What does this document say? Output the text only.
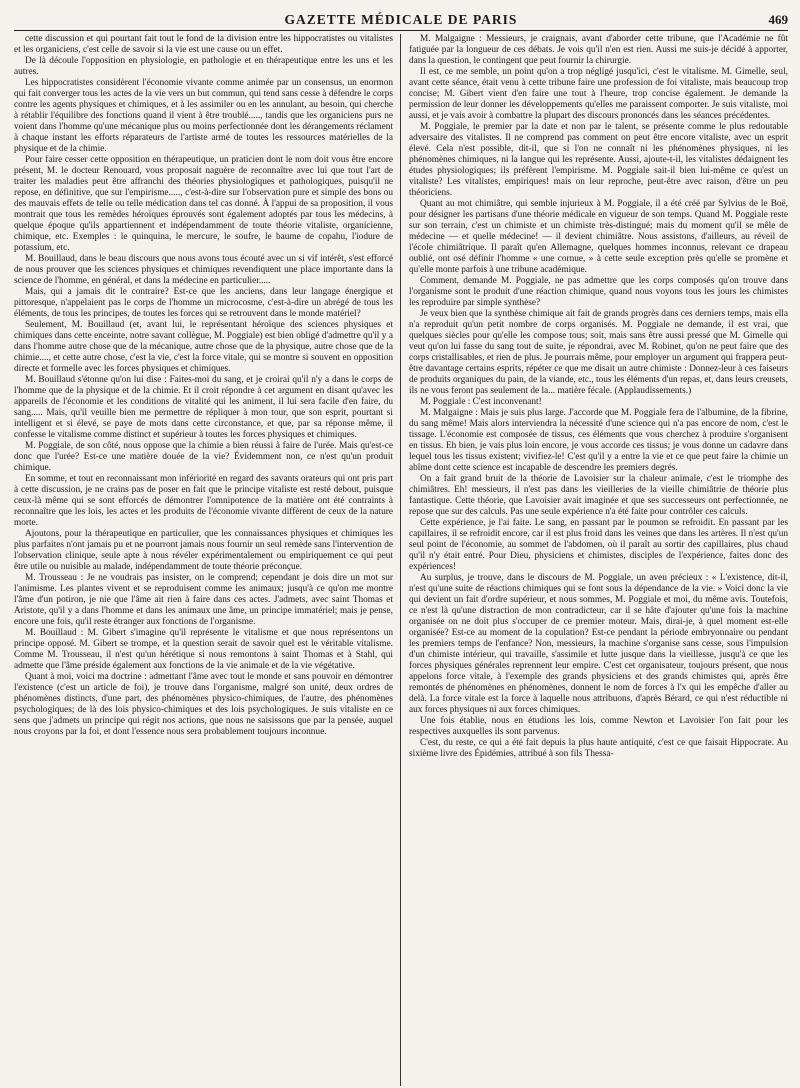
GAZETTE MÉDICALE DE PARIS	469

cette discussion et qui pourtant fait tout le fond de la division entre les hippocratistes ou vitalistes et les organiciens, c'est celle de savoir si la vie est une cause ou un effet.

De là découle l'opposition en physiologie, en pathologie et en thérapeutique entre les uns et les autres.

Les hippocratistes considèrent l'économie vivante comme animée par un consensus, un enormon qui fait converger tous les actes de la vie vers un but commun, qui tend sans cesse à défendre le corps contre les agents physiques et chimiques, et à les assimiler ou en les annulant, au besoin, qui cherche à rétablir l'équilibre des fonctions quand il vient à être troublé....., tandis que les organiciens purs ne voient dans l'homme qu'une mécanique plus ou moins perfectionnée dont les dérangements réclament à chaque instant les efforts réparateurs de l'artiste armé de toutes les ressources matérielles de la physique et de la chimie.

Pour faire cesser cette opposition en thérapeutique, un praticien dont le nom doit vous être encore présent, M. le docteur Renouard, vous proposait naguère de reconnaître avec lui que tout l'art de traiter les maladies peut être affranchi des théories physiologiques et pathologiques, puisqu'il ne repose, en définitive, que sur l'empirisme....., c'est-à-dire sur l'observation pure et simple des bons ou des mauvais effets de telle ou telle médication dans tel cas donné. À l'appui de sa proposition, il vous montrait que tous les remèdes héroïques éprouvés sont également adoptés par tous les médecins, à quelque époque qu'ils appartiennent et indépendamment de toute théorie vitaliste, organicienne, chimique, etc. Exemples : le quinquina, le mercure, le soufre, le baume de copahu, l'iodure de potassium, etc.

M. Bouillaud, dans le beau discours que nous avons tous écouté avec un si vif intérêt, s'est efforcé de nous prouver que les sciences physiques et chimiques revendiquent une place importante dans la science de l'homme, en général, et dans la médecine en particulier.....

Mais, qui a jamais dit le contraire? Est-ce que les anciens, dans leur langage énergique et pittoresque, n'appelaient pas le corps de l'homme un microcosme, c'est-à-dire un abrégé de tous les éléments, de tous les principes, de toutes les forces qui se retrouvent dans le monde matériel?

Seulement, M. Bouillaud (et, avant lui, le représentant héroïque des sciences physiques et chimiques dans cette enceinte, notre savant collègue, M. Poggiale) est bien obligé d'admettre qu'il y a dans l'homme autre chose que de la mécanique, autre chose que de la physique, autre chose que de la chimie...., et cette autre chose, c'est la vie, c'est la force vitale, qui se montre si souvent en opposition directe et formelle avec les forces physiques et chimiques.

M. Bouillaud s'étonne qu'on lui dise : Faites-moi du sang, et je croirai qu'il n'y a dans le corps de l'homme que de la physique et de la chimie. Et il croit répondre à cet argument en disant qu'avec les appareils de l'économie et les conditions de vitalité qui les animent, il lui sera facile d'en faire, du sang..... Mais, qu'il veuille bien me permettre de répliquer à mon tour, que son esprit, pourtant si intelligent et si élevé, se paye de mots dans cette circonstance, et que, par sa réponse même, il confesse le vitalisme comme distinct et supérieur à toutes les forces physiques et chimiques.

M. Poggiale, de son côté, nous oppose que la chimie a bien réussi à faire de l'urée. Mais qu'est-ce donc que l'urée? Est-ce une matière douée de la vie? Évidemment non, ce n'est qu'un produit chimique.

En somme, et tout en reconnaissant mon infériorité en regard des savants orateurs qui ont pris part à cette discussion, je ne crains pas de poser en fait que le principe vitaliste est resté debout, puisque ceux-là même qui se sont efforcés de démontrer l'omnipotence de la matière ont été contraints à reconnaître que les lois, les actes et les produits de l'économie vivante diffèrent de ceux de la nature morte.

Ajoutons, pour la thérapeutique en particulier, que les connaissances physiques et chimiques les plus parfaites n'ont jamais pu et ne pourront jamais nous fournir un seul remède sans l'intervention de l'observation clinique, seule apte à nous révéler expérimentalement ou empiriquement ce qui peut être utile ou nuisible au malade, indépendamment de toute théorie préconçue.

M. Trousseau : Je ne voudrais pas insister, on le comprend; cependant je dois dire un mot sur l'animisme. Les plantes vivent et se reproduisent comme les animaux; jusqu'à ce qu'on me montre l'âme d'un potiron, je nie que l'âme ait rien à faire dans ces actes. J'admets, avec saint Thomas et Aristote, qu'il y a dans l'homme et dans les animaux une âme, un principe immatériel; mais je pense, encore une fois, qu'il reste étranger aux fonctions de l'organisme.

M. Bouillaud : M. Gibert s'imagine qu'il représente le vitalisme et que nous représentons un principe opposé. M. Gibert se trompe, et la question serait de savoir quel est le véritable vitalisme. Comme M. Trousseau, il n'est qu'un hérétique si nous remontons à saint Thomas et à Stahl, qui admette que l'âme préside également aux fonctions de la vie animale et de la vie végétative.

Quant à moi, voici ma doctrine : admettant l'âme avec tout le monde et sans pouvoir en démontrer l'existence (c'est un article de foi), je trouve dans l'organisme, malgré son unité, deux ordres de phénomènes distincts, d'une part, des phénomènes physico-chimiques, de l'autre, des phénomènes psychologiques; de là des lois physico-chimiques et des lois psychologiques. Je suis vitaliste en ce sens que j'admets un principe qui régit nos actions, que nous ne saisissons que par la pensée, auquel nous croyons par la foi, et dont l'essence nous sera probablement toujours inconnue.

M. Malgaigne : Messieurs, je craignais, avant d'aborder cette tribune, que l'Académie ne fût fatiguée par la longueur de ces débats. Je vois qu'il n'en est rien. Aussi me suis-je décidé à apporter, dans la question, le contingent que peut fournir la chirurgie.

Il est, ce me semble, un point qu'on a trop négligé jusqu'ici, c'est le vitalisme. M. Gimelle, seul, avant cette séance, était venu à cette tribune faire une profession de foi vitaliste, mais beaucoup trop concise; M. Gibert vient d'en faire une tout à l'heure, trop concise également. Je demande la permission de leur donner les développements qu'elles me paraissent comporter. Je suis vitaliste, moi aussi, et je vais avoir à combattre la plupart des discours prononcés dans les séances précédentes.

M. Poggiale, le premier par la date et non par le talent, se présente comme le plus redoutable adversaire des vitalistes. Il ne comprend pas comment on peut être encore vitaliste, avec un esprit élevé. Cela n'est possible, dit-il, que si l'on ne connaît ni les phénomènes physiques, ni les phénomènes chimiques, ni la langue qui les représente. Aussi, ajoute-t-il, les vitalistes dédaignent les études physiologiques; ils préfèrent l'empirisme. M. Poggiale sait-il bien lui-même ce qu'est un vitaliste? Les vitalistes, empiriques! mais on leur reproche, peut-être avec raison, d'être un peu théoriciens.

Quant au mot chimiâtre, qui semble injurieux à M. Poggiale, il a été créé par Sylvius de le Boë, pour désigner les partisans d'une théorie médicale en vigueur de son temps. Quand M. Poggiale reste sur son terrain, c'est un chimiste et un chimiste très-distingué; mais du moment qu'il se mêle de médecine — et quelle médecine! — il devient chimiâtre. Nous assistons, d'ailleurs, au réveil de l'école chimiâtrique. Il paraît qu'en Allemagne, quelques hommes inconnus, relevant ce drapeau oublié, ont osé définir l'homme « une cornue, » à cette seule exception près qu'elle se promène et qu'elle monte parfois à une tribune académique.

Comment, demande M. Poggiale, ne pas admettre que les corps composés qu'on trouve dans l'organisme sont le produit d'une réaction chimique, quand nous voyons tous les jours les chimistes les reproduire par simple synthèse?

Je veux bien que la synthèse chimique ait fait de grands progrès dans ces derniers temps, mais ella n'a reproduit qu'un petit nombre de corps organisés. M. Poggiale ne demande, il est vrai, que quelques siècles pour qu'elle les compose tous; soit, mais sans être aussi pressé que M. Gimelle qui veut qu'on lui fasse du sang tout de suite, je répondrai, avec M. Robinet, qu'on ne peut faire que des corps cristallisables, et rien de plus. Je pourrais même, pour employer un argument qui frappera peut-être davantage certains esprits, répéter ce que me disait un autre chimiste : Donnez-leur à ces faiseurs de produits organiques du pain, de la viande, etc., tous les éléments d'un repas, et, dans leurs creusets, ils ne vous feront pas seulement de la... matière fécale. (Applaudissements.)

M. Poggiale : C'est inconvenant!

M. Malgaigne : Mais je suis plus large. J'accorde que M. Poggiale fera de l'albumine, de la fibrine, du sang même! Mais alors interviendra la nécessité d'une science qui n'a pas encore de nom, c'est le tissage. L'économie est composée de tissus, ces éléments que vous cherchez à produire s'organisent en tissus. Eh bien, je vais plus loin encore, je vous accorde ces tissus; je vous donne un cadavre dans lequel tous les tissus existent; vivifiez-le! C'est qu'il y a entre la vie et ce que peut faire la chimie un abîme dont cette science est incapable de descendre les premiers degrés.

On a fait grand bruit de la théorie de Lavoisier sur la chaleur animale, c'est le triomphe des chimiâtres. Eh! messieurs, il n'est pas dans les vieilleries de la vieille chimiâtrie de théorie plus fantastique. Cette théorie, que Lavoisier avait imaginée et que ses successeurs ont perfectionnée, ne repose que sur des calculs. Pas une seule expérience n'a été faite pour contrôler ces calculs.

Cette expérience, je l'ai faite. Le sang, en passant par le poumon se refroidit. En passant par les capillaires, il se refroidit encore, car il est plus froid dans les veines que dans les artères. Il n'est qu'un seul point de l'économie, au sommet de l'abdomen, où il paraît au sortir des capillaires, plus chaud qu'il n'y était entré. Pour Dieu, physiciens et chimistes, disciples de l'expérience, faites donc des expériences!

Au surplus, je trouve, dans le discours de M. Poggiale, un aveu précieux : « L'existence, dit-il, n'est qu'une suite de réactions chimiques qui se font sous la dépendance de la vie. » Voici donc la vie qui devient un fait d'ordre supérieur, et nous sommes, M. Poggiale et moi, du même avis. Toutefois, ce n'est là qu'une distraction de mon contradicteur, car il se hâte d'ajouter qu'une fois la machine organisée on ne doit plus s'occuper de ce premier moteur. Mais, dirai-je, à quel moment est-elle organisée? Est-ce au moment de la copulation? Est-ce pendant la période embryonnaire ou pendant les premiers temps de l'enfance? Non, messieurs, la machine s'organise sans cesse, sous l'impulsion d'un chimiste intérieur, qui travaille, s'assimile et lutte jusque dans la vieillesse, jusqu'à ce que les forces physiques générales reprennent leur empire. C'est cet organisateur, toujours présent, que nous appelons force vitale, à l'exemple des grands physiciens et des grands chimistes qui, après être remontés de phénomènes en phénomènes, donnent le nom de forces à l'x qui les empêche d'aller au delà. La force vitale est la force à laquelle nous attribuons, d'après Bérard, ce qui n'est réductible ni aux forces physiques ni aux forces chimiques.

Une fois établie, nous en étudions les lois, comme Newton et Lavoisier l'on fait pour les respectives auxquelles ils sont parvenus.

C'est, du reste, ce qui a été fait depuis la plus haute antiquité, c'est ce que faisait Hippocrate. Au sixième livre des Épidémies, attribué à son fils Thessa-
